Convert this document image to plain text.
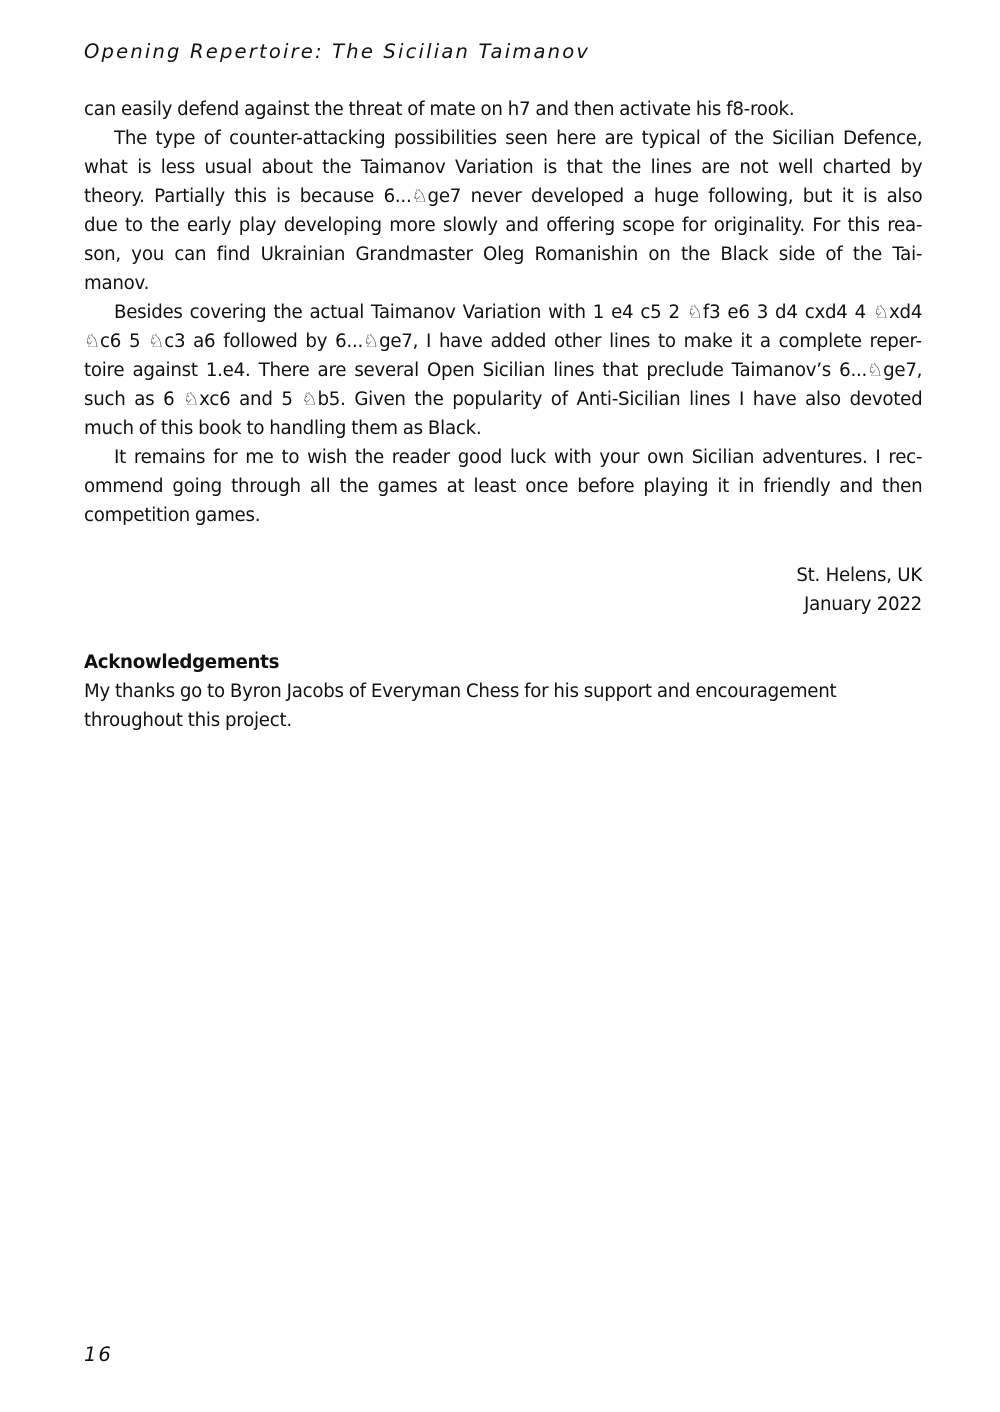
Opening Repertoire: The Sicilian Taimanov

can easily defend against the threat of mate on h7 and then activate his f8-rook.

The type of counter-attacking possibilities seen here are typical of the Sicilian Defence,
what is less usual about the Taimanov Variation is that the lines are not well charted by
theory. Partially this is because 6...♘ge7 never developed a huge following, but it is also
due to the early play developing more slowly and offering scope for originality. For this rea-
son, you can find Ukrainian Grandmaster Oleg Romanishin on the Black side of the Tai-
manov.

Besides covering the actual Taimanov Variation with 1 e4 c5 2 ♘f3 e6 3 d4 cxd4 4 ♘xd4
♘c6 5 ♘c3 a6 followed by 6...♘ge7, I have added other lines to make it a complete reper-
toire against 1.e4. There are several Open Sicilian lines that preclude Taimanov’s 6...♘ge7,
such as 6 ♘xc6 and 5 ♘b5. Given the popularity of Anti-Sicilian lines I have also devoted
much of this book to handling them as Black.

It remains for me to wish the reader good luck with your own Sicilian adventures. I rec-
ommend going through all the games at least once before playing it in friendly and then
competition games.

St. Helens, UK
January 2022
Acknowledgements
My thanks go to Byron Jacobs of Everyman Chess for his support and encouragement
throughout this project.
16
